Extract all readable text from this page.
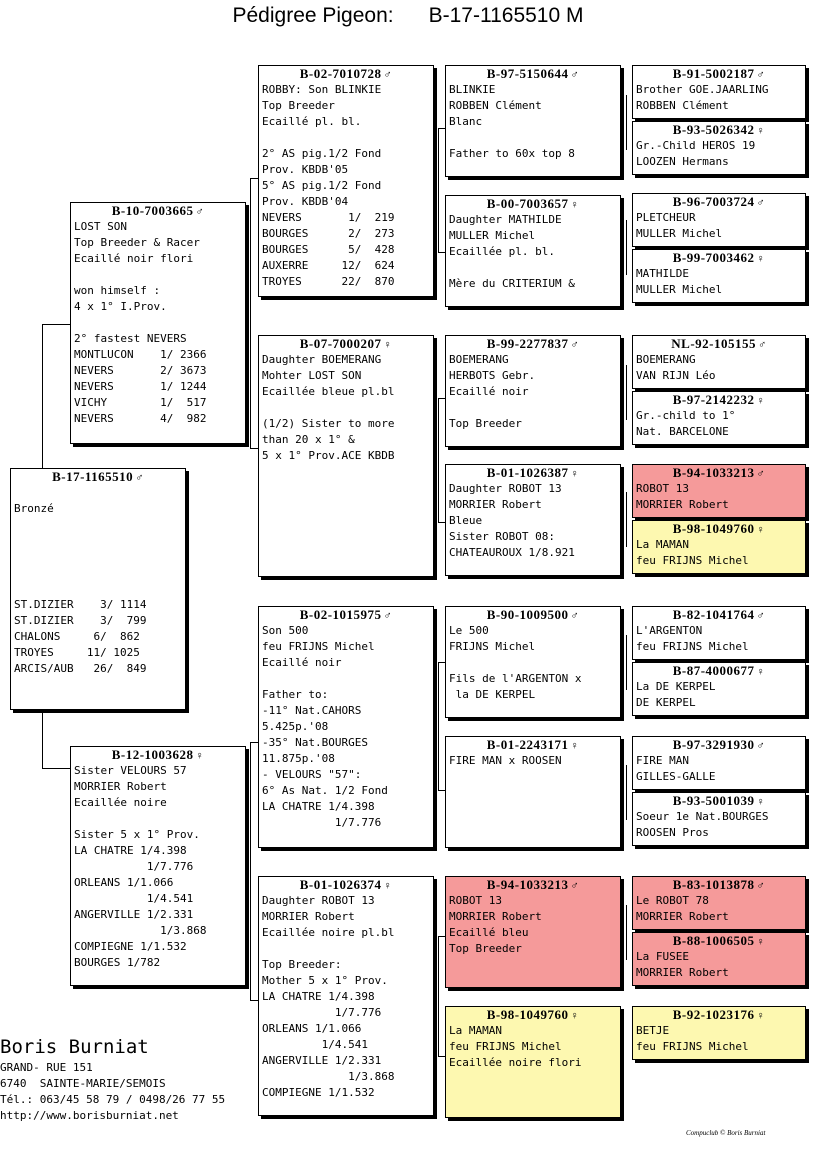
Pédigree Pigeon:      B-17-1165510 M
B-17-1165510 ♂

Bronzé

ST.DIZIER    3/ 1114
ST.DIZIER    3/  799
CHALONS     6/  862
TROYES     11/ 1025
ARCIS/AUB   26/  849
B-10-7003665 ♂
LOST SON
Top Breeder & Racer
Ecaillé noir flori

won himself :
4 x 1° I.Prov.

2° fastest NEVERS
MONTLUCON    1/ 2366
NEVERS       2/ 3673
NEVERS       1/ 1244
VICHY        1/  517
NEVERS       4/  982
B-12-1003628 ♀
Sister VELOURS 57
MORRIER Robert
Ecaillée noire

Sister 5 x 1° Prov.
LA CHATRE 1/4.398
1/7.776
ORLEANS 1/1.066
1/4.541
ANGERVILLE 1/2.331
1/3.868
COMPIEGNE 1/1.532
BOURGES 1/782
B-02-7010728 ♂
ROBBY: Son BLINKIE
Top Breeder
Ecaillé pl. bl.

2° AS pig.1/2 Fond
Prov. KBDB'05
5° AS pig.1/2 Fond
Prov. KBDB'04
NEVERS       1/  219
BOURGES      2/  273
BOURGES      5/  428
AUXERRE     12/  624
TROYES      22/  870
B-07-7000207 ♀
Daughter BOEMERANG
Mohter LOST SON
Ecaillée bleue pl.bl

(1/2) Sister to more
than 20 x 1° &
5 x 1° Prov.ACE KBDB
B-02-1015975 ♂
Son 500
feu FRIJNS Michel
Ecaillé noir

Father to:
-11° Nat.CAHORS
5.425p.'08
-35° Nat.BOURGES
11.875p.'08
- VELOURS "57":
6° As Nat. 1/2 Fond
LA CHATRE 1/4.398
1/7.776
B-01-1026374 ♀
Daughter ROBOT 13
MORRIER Robert
Ecaillée noire pl.bl

Top Breeder:
Mother 5 x 1° Prov.
LA CHATRE 1/4.398
1/7.776
ORLEANS 1/1.066
1/4.541
ANGERVILLE 1/2.331
1/3.868
COMPIEGNE 1/1.532
B-97-5150644 ♂
BLINKIE
ROBBEN Clément
Blanc

Father to 60x top 8
B-00-7003657 ♀
Daughter MATHILDE
MULLER Michel
Ecaillée pl. bl.

Mère du CRITERIUM &
B-99-2277837 ♂
BOEMERANG
HERBOTS Gebr.
Ecaillé noir

Top Breeder
B-01-1026387 ♀
Daughter ROBOT 13
MORRIER Robert
Bleue
Sister ROBOT 08:
CHATEAUROUX 1/8.921
B-90-1009500 ♂
Le 500
FRIJNS Michel

Fils de l'ARGENTON x
la DE KERPEL
B-01-2243171 ♀
FIRE MAN x ROOSEN
B-94-1033213 ♂
ROBOT 13
MORRIER Robert
Ecaillé bleu
Top Breeder
B-98-1049760 ♀
La MAMAN
feu FRIJNS Michel
Ecaillée noire flori
B-91-5002187 ♂
Brother GOE.JAARLING
ROBBEN Clément
B-93-5026342 ♀
Gr.-Child HEROS 19
LOOZEN Hermans
B-96-7003724 ♂
PLETCHEUR
MULLER Michel
B-99-7003462 ♀
MATHILDE
MULLER Michel
NL-92-105155 ♂
BOEMERANG
VAN RIJN Léo
B-97-2142232 ♀
Gr.-child to 1°
Nat. BARCELONE
B-94-1033213 ♂
ROBOT 13
MORRIER Robert
B-98-1049760 ♀
La MAMAN
feu FRIJNS Michel
B-82-1041764 ♂
L'ARGENTON
feu FRIJNS Michel
B-87-4000677 ♀
La DE KERPEL
DE KERPEL
B-97-3291930 ♂
FIRE MAN
GILLES-GALLE
B-93-5001039 ♀
Soeur 1e Nat.BOURGES
ROOSEN Pros
B-83-1013878 ♂
Le ROBOT 78
MORRIER Robert
B-88-1006505 ♀
La FUSEE
MORRIER Robert
B-92-1023176 ♀
BETJE
feu FRIJNS Michel
Boris Burniat
GRAND- RUE 151
6740  SAINTE-MARIE/SEMOIS
Tél.: 063/45 58 79 / 0498/26 77 55
http://www.borisburniat.net
Compuclub © Boris Burniat
